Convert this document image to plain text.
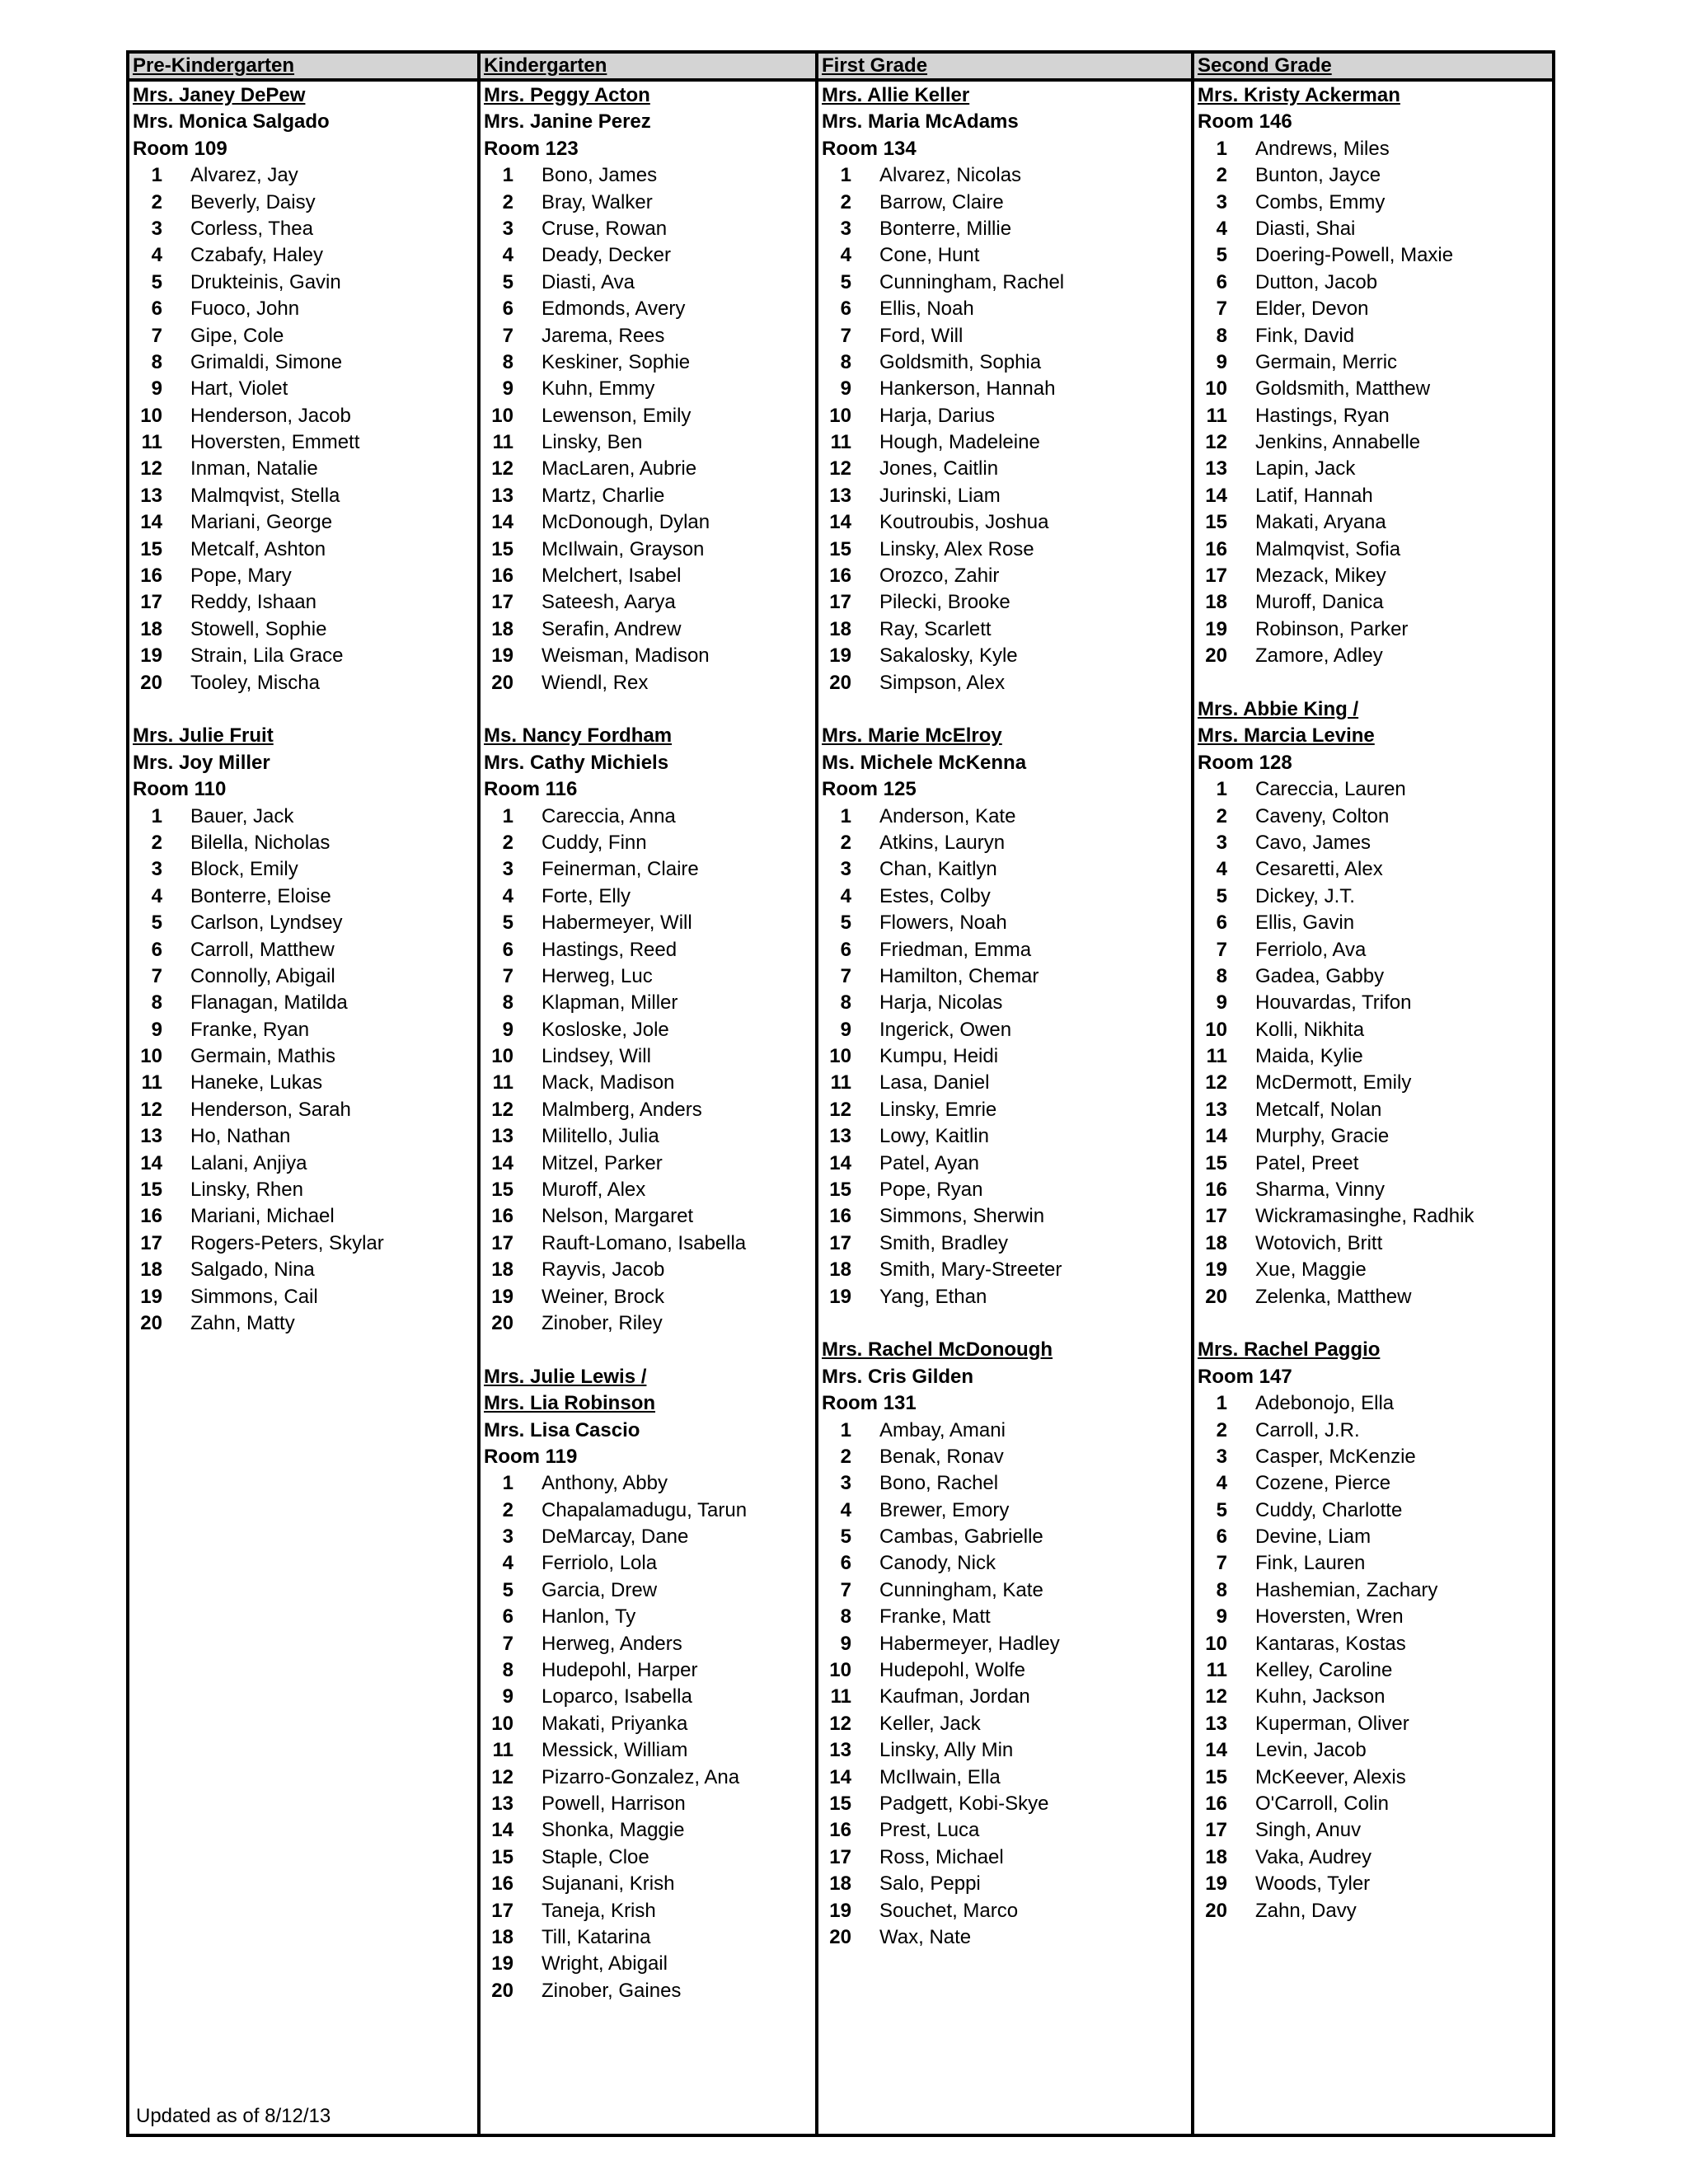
Pre-Kindergarten
Mrs. Janey DePew
Mrs. Monica Salgado
Room 109
1 Alvarez, Jay
2 Beverly, Daisy
3 Corless, Thea
4 Czabafy, Haley
5 Drukteinis, Gavin
6 Fuoco, John
7 Gipe, Cole
8 Grimaldi, Simone
9 Hart, Violet
10 Henderson, Jacob
11 Hoversten, Emmett
12 Inman, Natalie
13 Malmqvist, Stella
14 Mariani, George
15 Metcalf, Ashton
16 Pope, Mary
17 Reddy, Ishaan
18 Stowell, Sophie
19 Strain, Lila Grace
20 Tooley, Mischa
Mrs. Julie Fruit
Mrs. Joy Miller
Room 110
1 Bauer, Jack
2 Bilella, Nicholas
3 Block, Emily
4 Bonterre, Eloise
5 Carlson, Lyndsey
6 Carroll, Matthew
7 Connolly, Abigail
8 Flanagan, Matilda
9 Franke, Ryan
10 Germain, Mathis
11 Haneke, Lukas
12 Henderson, Sarah
13 Ho, Nathan
14 Lalani, Anjiya
15 Linsky, Rhen
16 Mariani, Michael
17 Rogers-Peters, Skylar
18 Salgado, Nina
19 Simmons, Cail
20 Zahn, Matty
Kindergarten
Mrs. Peggy Acton
Mrs. Janine Perez
Room 123
1 Bono, James
2 Bray, Walker
3 Cruse, Rowan
4 Deady, Decker
5 Diasti, Ava
6 Edmonds, Avery
7 Jarema, Rees
8 Keskiner, Sophie
9 Kuhn, Emmy
10 Lewenson, Emily
11 Linsky, Ben
12 MacLaren, Aubrie
13 Martz, Charlie
14 McDonough, Dylan
15 McIlwain, Grayson
16 Melchert, Isabel
17 Sateesh, Aarya
18 Serafin, Andrew
19 Weisman, Madison
20 Wiendl, Rex
Ms. Nancy Fordham
Mrs. Cathy Michiels
Room 116
1 Careccia, Anna
2 Cuddy, Finn
3 Feinerman, Claire
4 Forte, Elly
5 Habermeyer, Will
6 Hastings, Reed
7 Herweg, Luc
8 Klapman, Miller
9 Kosloske, Jole
10 Lindsey, Will
11 Mack, Madison
12 Malmberg, Anders
13 Militello, Julia
14 Mitzel, Parker
15 Muroff, Alex
16 Nelson, Margaret
17 Rauft-Lomano, Isabella
18 Rayvis, Jacob
19 Weiner, Brock
20 Zinober, Riley
Mrs. Julie Lewis /
Mrs. Lia Robinson
Mrs. Lisa Cascio
Room 119
1 Anthony, Abby
2 Chapalamadugu, Tarun
3 DeMarcay, Dane
4 Ferriolo, Lola
5 Garcia, Drew
6 Hanlon, Ty
7 Herweg, Anders
8 Hudepohl, Harper
9 Loparco, Isabella
10 Makati, Priyanka
11 Messick, William
12 Pizarro-Gonzalez, Ana
13 Powell, Harrison
14 Shonka, Maggie
15 Staple, Cloe
16 Sujanani, Krish
17 Taneja, Krish
18 Till, Katarina
19 Wright, Abigail
20 Zinober, Gaines
First Grade
Mrs. Allie Keller
Mrs. Maria McAdams
Room 134
1 Alvarez, Nicolas
2 Barrow, Claire
3 Bonterre, Millie
4 Cone, Hunt
5 Cunningham, Rachel
6 Ellis, Noah
7 Ford, Will
8 Goldsmith, Sophia
9 Hankerson, Hannah
10 Harja, Darius
11 Hough, Madeleine
12 Jones, Caitlin
13 Jurinski, Liam
14 Koutroubis, Joshua
15 Linsky, Alex Rose
16 Orozco, Zahir
17 Pilecki, Brooke
18 Ray, Scarlett
19 Sakalosky, Kyle
20 Simpson, Alex
Mrs. Marie McElroy
Ms. Michele McKenna
Room 125
1 Anderson, Kate
2 Atkins, Lauryn
3 Chan, Kaitlyn
4 Estes, Colby
5 Flowers, Noah
6 Friedman, Emma
7 Hamilton, Chemar
8 Harja, Nicolas
9 Ingerick, Owen
10 Kumpu, Heidi
11 Lasa, Daniel
12 Linsky, Emrie
13 Lowy, Kaitlin
14 Patel, Ayan
15 Pope, Ryan
16 Simmons, Sherwin
17 Smith, Bradley
18 Smith, Mary-Streeter
19 Yang, Ethan
Mrs. Rachel McDonough
Mrs. Cris Gilden
Room 131
1 Ambay, Amani
2 Benak, Ronav
3 Bono, Rachel
4 Brewer, Emory
5 Cambas, Gabrielle
6 Canody, Nick
7 Cunningham, Kate
8 Franke, Matt
9 Habermeyer, Hadley
10 Hudepohl, Wolfe
11 Kaufman, Jordan
12 Keller, Jack
13 Linsky, Ally Min
14 McIlwain, Ella
15 Padgett, Kobi-Skye
16 Prest, Luca
17 Ross, Michael
18 Salo, Peppi
19 Souchet, Marco
20 Wax, Nate
Second Grade
Mrs. Kristy Ackerman
Room 146
1 Andrews, Miles
2 Bunton, Jayce
3 Combs, Emmy
4 Diasti, Shai
5 Doering-Powell, Maxie
6 Dutton, Jacob
7 Elder, Devon
8 Fink, David
9 Germain, Merric
10 Goldsmith, Matthew
11 Hastings, Ryan
12 Jenkins, Annabelle
13 Lapin, Jack
14 Latif, Hannah
15 Makati, Aryana
16 Malmqvist, Sofia
17 Mezack, Mikey
18 Muroff, Danica
19 Robinson, Parker
20 Zamore, Adley
Mrs. Abbie King /
Mrs. Marcia Levine
Room 128
1 Careccia, Lauren
2 Caveny, Colton
3 Cavo, James
4 Cesaretti, Alex
5 Dickey, J.T.
6 Ellis, Gavin
7 Ferriolo, Ava
8 Gadea, Gabby
9 Houvardas, Trifon
10 Kolli, Nikhita
11 Maida, Kylie
12 McDermott, Emily
13 Metcalf, Nolan
14 Murphy, Gracie
15 Patel, Preet
16 Sharma, Vinny
17 Wickramasinghe, Radhik
18 Wotovich, Britt
19 Xue, Maggie
20 Zelenka, Matthew
Mrs. Rachel Paggio
Room 147
1 Adebonojo, Ella
2 Carroll, J.R.
3 Casper, McKenzie
4 Cozene, Pierce
5 Cuddy, Charlotte
6 Devine, Liam
7 Fink, Lauren
8 Hashemian, Zachary
9 Hoversten, Wren
10 Kantaras, Kostas
11 Kelley, Caroline
12 Kuhn, Jackson
13 Kuperman, Oliver
14 Levin, Jacob
15 McKeever, Alexis
16 O'Carroll, Colin
17 Singh, Anuv
18 Vaka, Audrey
19 Woods, Tyler
20 Zahn, Davy
Updated as of 8/12/13
